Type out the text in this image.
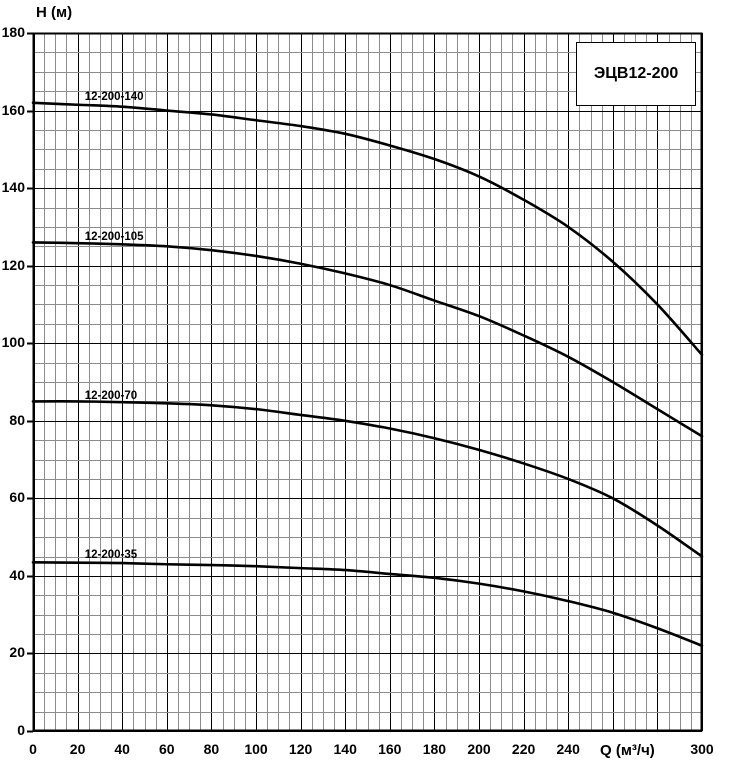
H (м)
Q (м³/ч)
ЭЦВ12-200
0
20
40
60
80
100
120
140
160
180
0	20	40	60	80	100	120	140	160	180	200	220	240	300
12-200-140
12-200-105
12-200-70
12-200-35
